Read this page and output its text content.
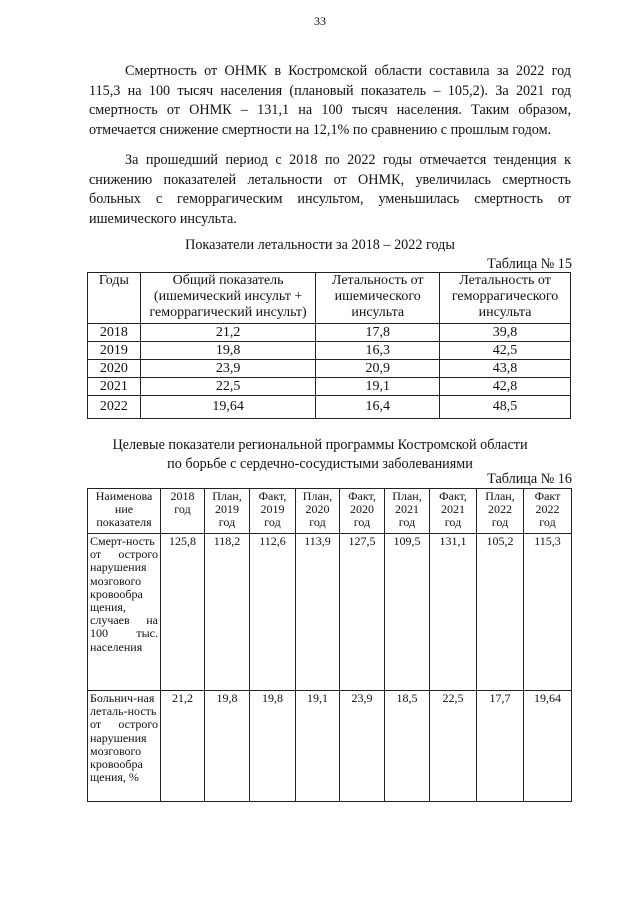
33

Смертность от ОНМК в Костромской области составила за 2022 год 115,3 на 100 тысяч населения (плановый показатель – 105,2). За 2021 год смертность от ОНМК – 131,1 на 100 тысяч населения. Таким образом, отмечается снижение смертности на 12,1% по сравнению с прошлым годом.

За прошедший период с 2018 по 2022 годы отмечается тенденция к снижению показателей летальности от ОНМК, увеличилась смертность больных с геморрагическим инсультом, уменьшилась смертность от ишемического инсульта.

Показатели летальности за 2018 – 2022 годы
Таблица № 15
Годы	Общий показатель (ишемический инсульт + геморрагический инсульт)	Летальность от ишемического инсульта	Летальность от геморрагического инсульта
2018	21,2	17,8	39,8
2019	19,8	16,3	42,5
2020	23,9	20,9	43,8
2021	22,5	19,1	42,8
2022	19,64	16,4	48,5
Целевые показатели региональной программы Костромской области
по борьбе с сердечно-сосудистыми заболеваниями
Таблица № 16
Наименова ние показателя	2018 год	План, 2019 год	Факт, 2019 год	План, 2020 год	Факт, 2020 год	План, 2021 год	Факт, 2021 год	План, 2022 год	Факт 2022 год
Смерт-ность от острого нарушения мозгового кровообра щения, случаев на 100 тыс. населения	125,8	118,2	112,6	113,9	127,5	109,5	131,1	105,2	115,3
Больнич-ная леталь-ность от острого нарушения мозгового кровообра щения, %	21,2	19,8	19,8	19,1	23,9	18,5	22,5	17,7	19,64
